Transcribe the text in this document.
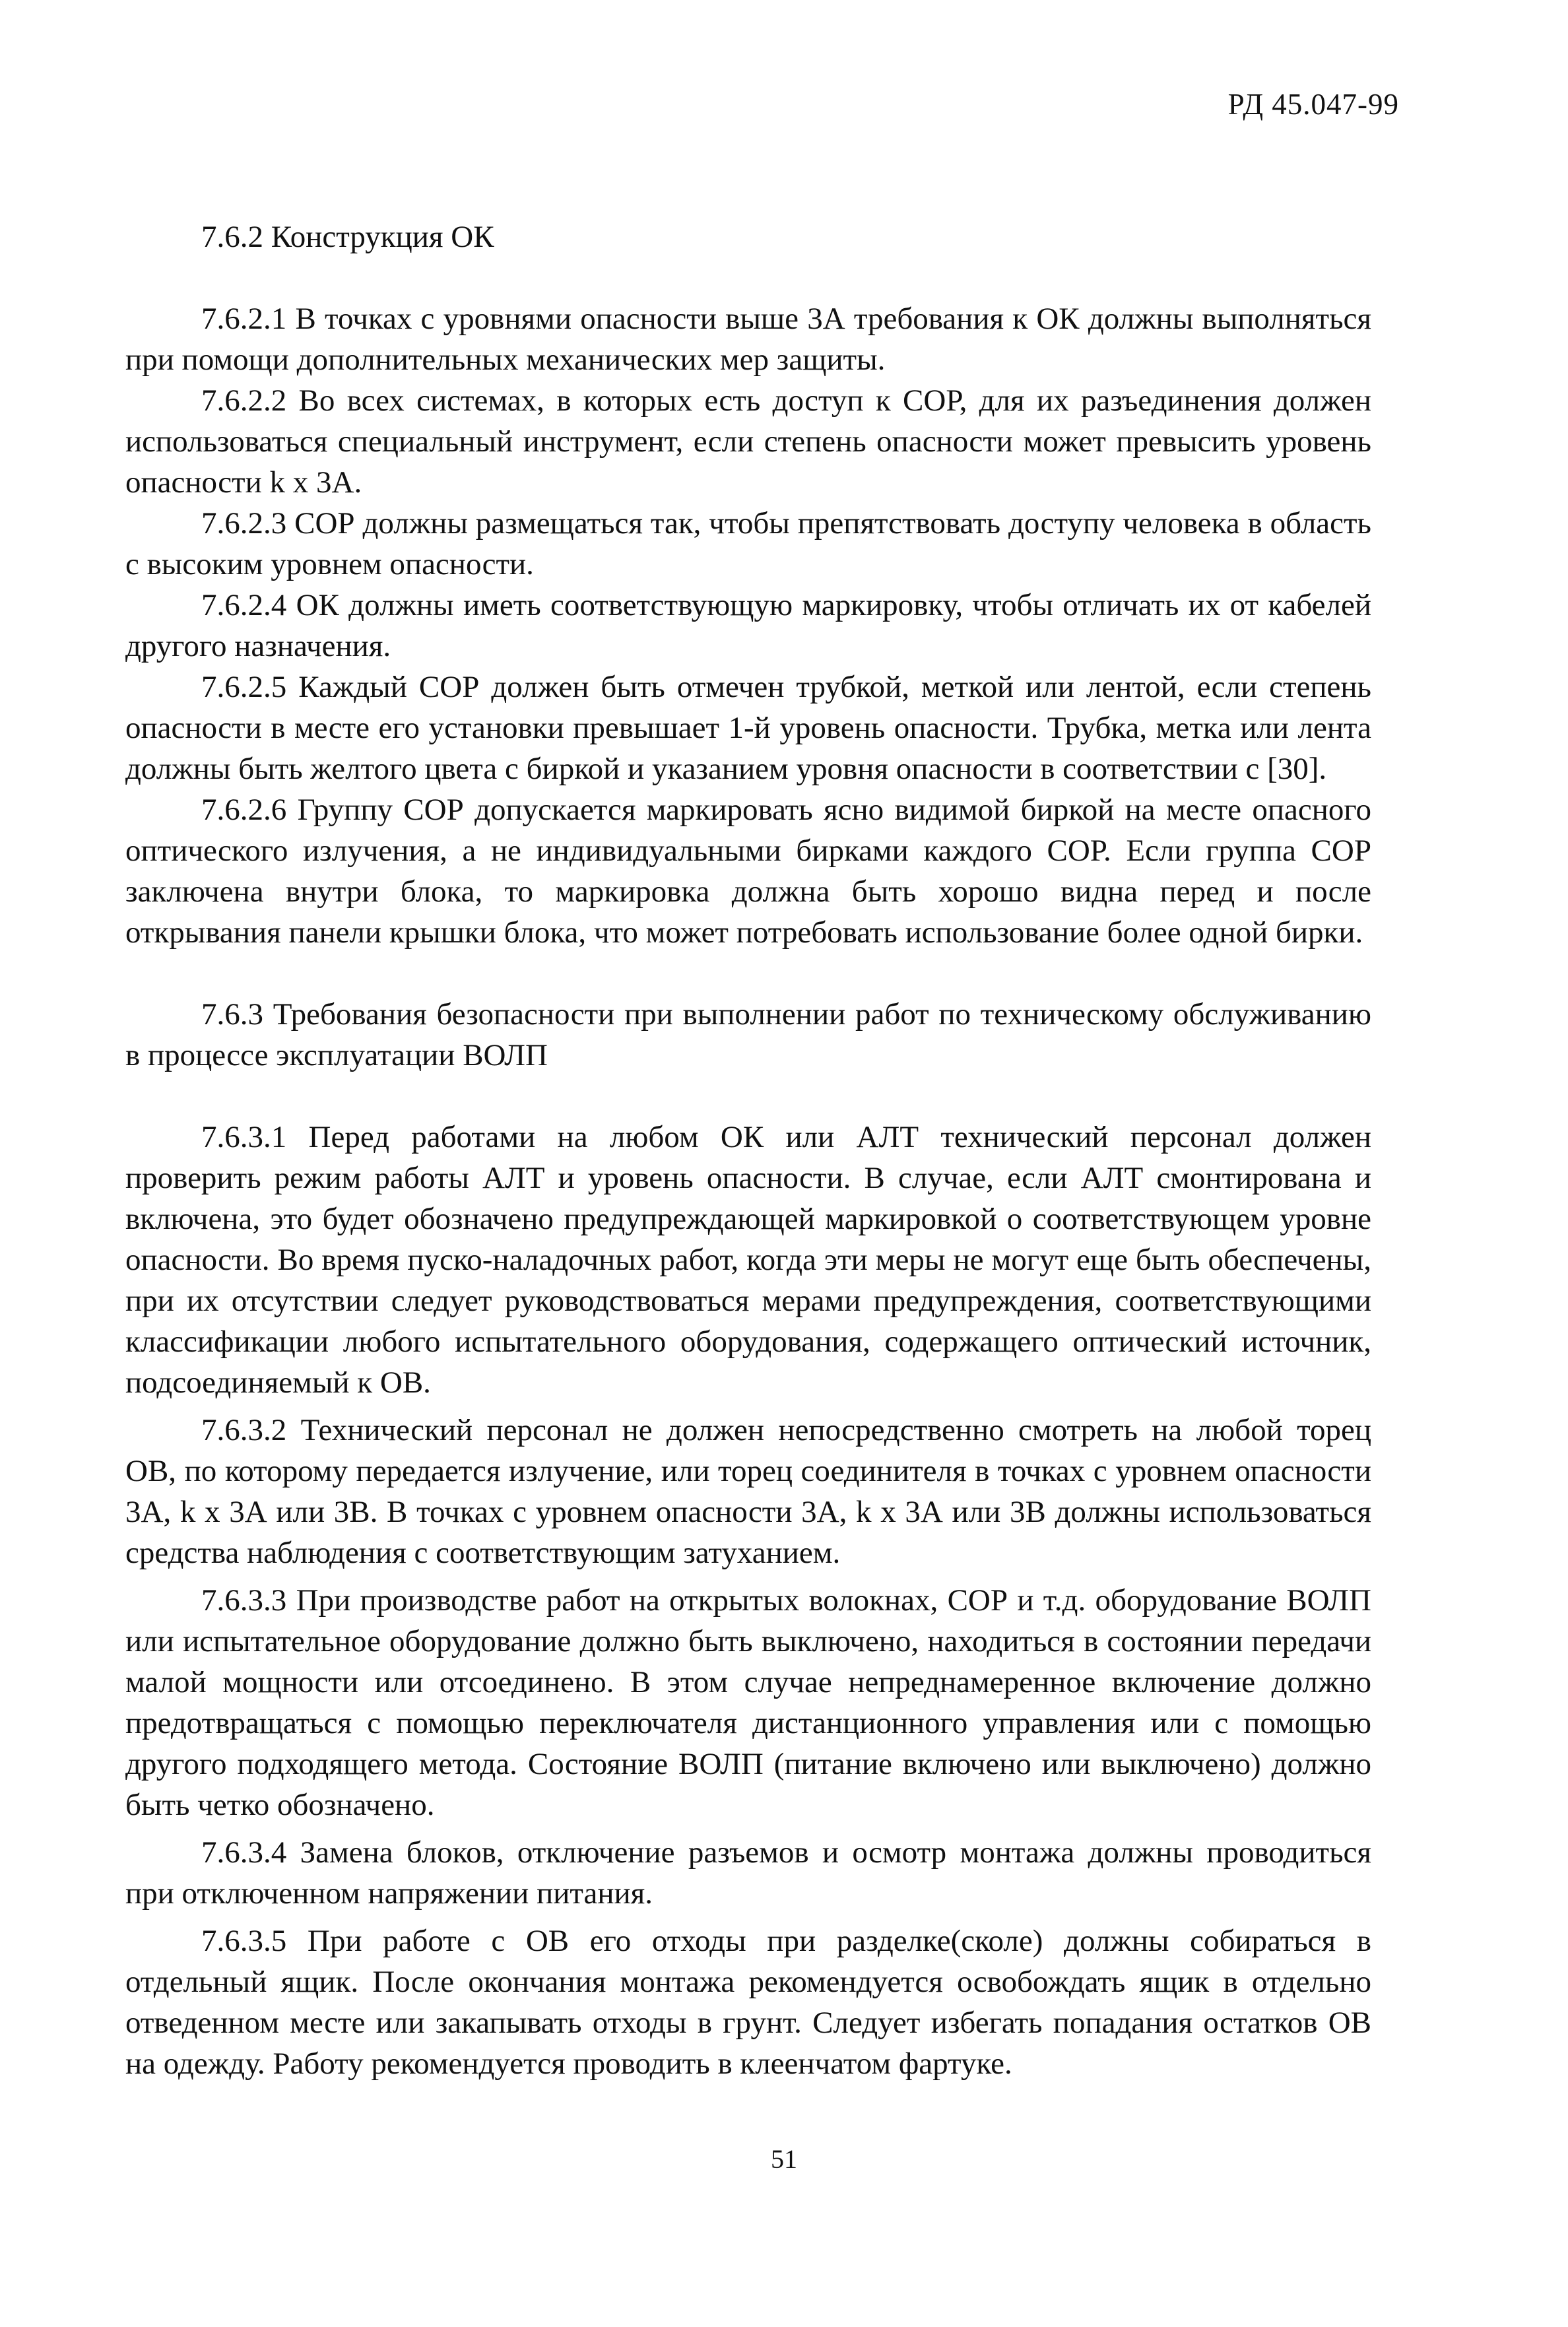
РД 45.047-99

7.6.2 Конструкция ОК

7.6.2.1 В точках с уровнями опасности выше 3А требования к ОК должны выполняться при помощи дополнительных механических мер защиты.

7.6.2.2 Во всех системах, в которых есть доступ к СОР, для их разъединения должен использоваться специальный инструмент, если степень опасности может превысить уровень опасности k х 3А.

7.6.2.3 СОР должны размещаться так, чтобы препятствовать доступу человека в область с высоким уровнем опасности.

7.6.2.4 ОК должны иметь соответствующую маркировку, чтобы отличать их от кабелей другого назначения.

7.6.2.5 Каждый СОР должен быть отмечен трубкой, меткой или лентой, если степень опасности в месте его установки превышает 1-й уровень опасности. Трубка, метка или лента должны быть желтого цвета с биркой и указанием уровня опасности в соответствии с [30].

7.6.2.6 Группу СОР допускается маркировать ясно видимой биркой на месте опасного оптического излучения, а не индивидуальными бирками каждого СОР. Если группа СОР заключена внутри блока, то маркировка должна быть хорошо видна перед и после открывания панели крышки блока, что может потребовать использование более одной бирки.

7.6.3 Требования безопасности при выполнении работ по техническому обслуживанию в процессе эксплуатации ВОЛП

7.6.3.1 Перед работами на любом ОК или АЛТ технический персонал должен проверить режим работы АЛТ и уровень опасности. В случае, если АЛТ смонтирована и включена, это будет обозначено предупреждающей маркировкой о соответствующем уровне опасности. Во время пуско-наладочных работ, когда эти меры не могут еще быть обеспечены, при их отсутствии следует руководствоваться мерами предупреждения, соответствующими классификации любого испытательного оборудования, содержащего оптический источник, подсоединяемый к ОВ.

7.6.3.2 Технический персонал не должен непосредственно смотреть на любой торец ОВ, по которому передается излучение, или торец соединителя в точках с уровнем опасности 3А, k х 3А или 3В. В точках с уровнем опасности 3А, k х 3А или 3В должны использоваться средства наблюдения с соответствующим затуханием.

7.6.3.3 При производстве работ на открытых волокнах, СОР и т.д. оборудование ВОЛП или испытательное оборудование должно быть выключено, находиться в состоянии передачи малой мощности или отсоединено. В этом случае непреднамеренное включение должно предотвращаться с помощью переключателя дистанционного управления или с помощью другого подходящего метода. Состояние ВОЛП (питание включено или выключено) должно быть четко обозначено.

7.6.3.4 Замена блоков, отключение разъемов и осмотр монтажа должны проводиться при отключенном напряжении питания.

7.6.3.5 При работе с ОВ его отходы при разделке(сколе) должны собираться в отдельный ящик. После окончания монтажа рекомендуется освобождать ящик в отдельно отведенном месте или закапывать отходы в грунт. Следует избегать попадания остатков ОВ на одежду. Работу рекомендуется проводить в клеенчатом фартуке.

51
